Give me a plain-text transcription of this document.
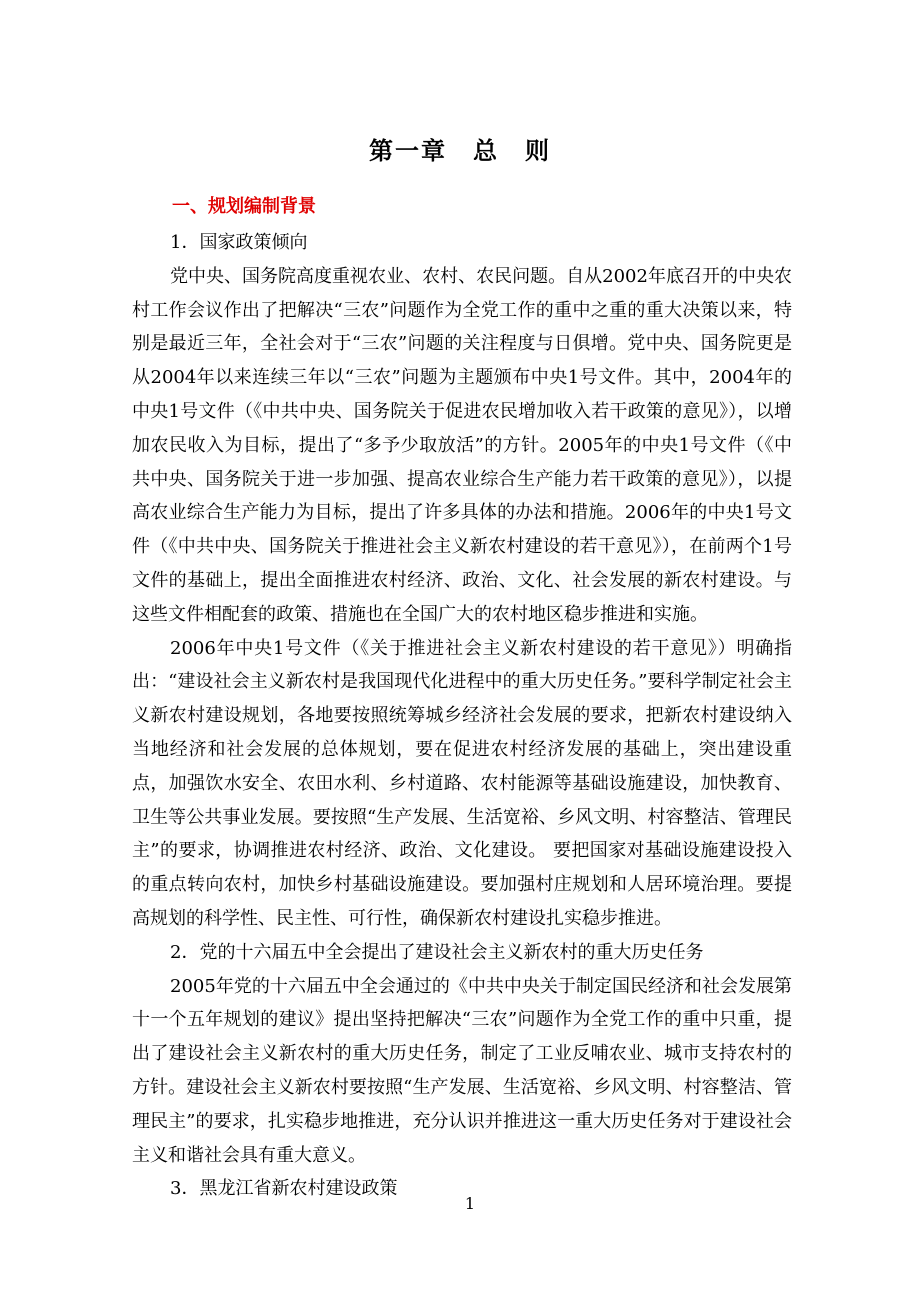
第一章　总　则
一、规划编制背景

1．国家政策倾向

党中央、国务院高度重视农业、农村、农民问题。自从2002年底召开的中央农村工作会议作出了把解决“三农”问题作为全党工作的重中之重的重大决策以来，特别是最近三年，全社会对于“三农”问题的关注程度与日俱增。党中央、国务院更是从2004年以来连续三年以“三农”问题为主题颁布中央1号文件。其中，2004年的中央1号文件（《中共中央、国务院关于促进农民增加收入若干政策的意见》），以增加农民收入为目标，提出了“多予少取放活”的方针。2005年的中央1号文件（《中共中央、国务院关于进一步加强、提高农业综合生产能力若干政策的意见》），以提高农业综合生产能力为目标，提出了许多具体的办法和措施。2006年的中央1号文件（《中共中央、国务院关于推进社会主义新农村建设的若干意见》），在前两个1号文件的基础上，提出全面推进农村经济、政治、文化、社会发展的新农村建设。与这些文件相配套的政策、措施也在全国广大的农村地区稳步推进和实施。

2006年中央1号文件（《关于推进社会主义新农村建设的若干意见》）明确指出：“建设社会主义新农村是我国现代化进程中的重大历史任务。”要科学制定社会主义新农村建设规划，各地要按照统筹城乡经济社会发展的要求，把新农村建设纳入当地经济和社会发展的总体规划，要在促进农村经济发展的基础上，突出建设重点，加强饮水安全、农田水利、乡村道路、农村能源等基础设施建设，加快教育、卫生等公共事业发展。要按照“生产发展、生活宽裕、乡风文明、村容整洁、管理民主”的要求，协调推进农村经济、政治、文化建设。 要把国家对基础设施建设投入的重点转向农村，加快乡村基础设施建设。要加强村庄规划和人居环境治理。要提高规划的科学性、民主性、可行性，确保新农村建设扎实稳步推进。

2．党的十六届五中全会提出了建设社会主义新农村的重大历史任务

2005年党的十六届五中全会通过的《中共中央关于制定国民经济和社会发展第十一个五年规划的建议》提出坚持把解决“三农”问题作为全党工作的重中只重，提出了建设社会主义新农村的重大历史任务，制定了工业反哺农业、城市支持农村的方针。建设社会主义新农村要按照“生产发展、生活宽裕、乡风文明、村容整洁、管理民主”的要求，扎实稳步地推进，充分认识并推进这一重大历史任务对于建设社会主义和谐社会具有重大意义。

3．黑龙江省新农村建设政策

1
